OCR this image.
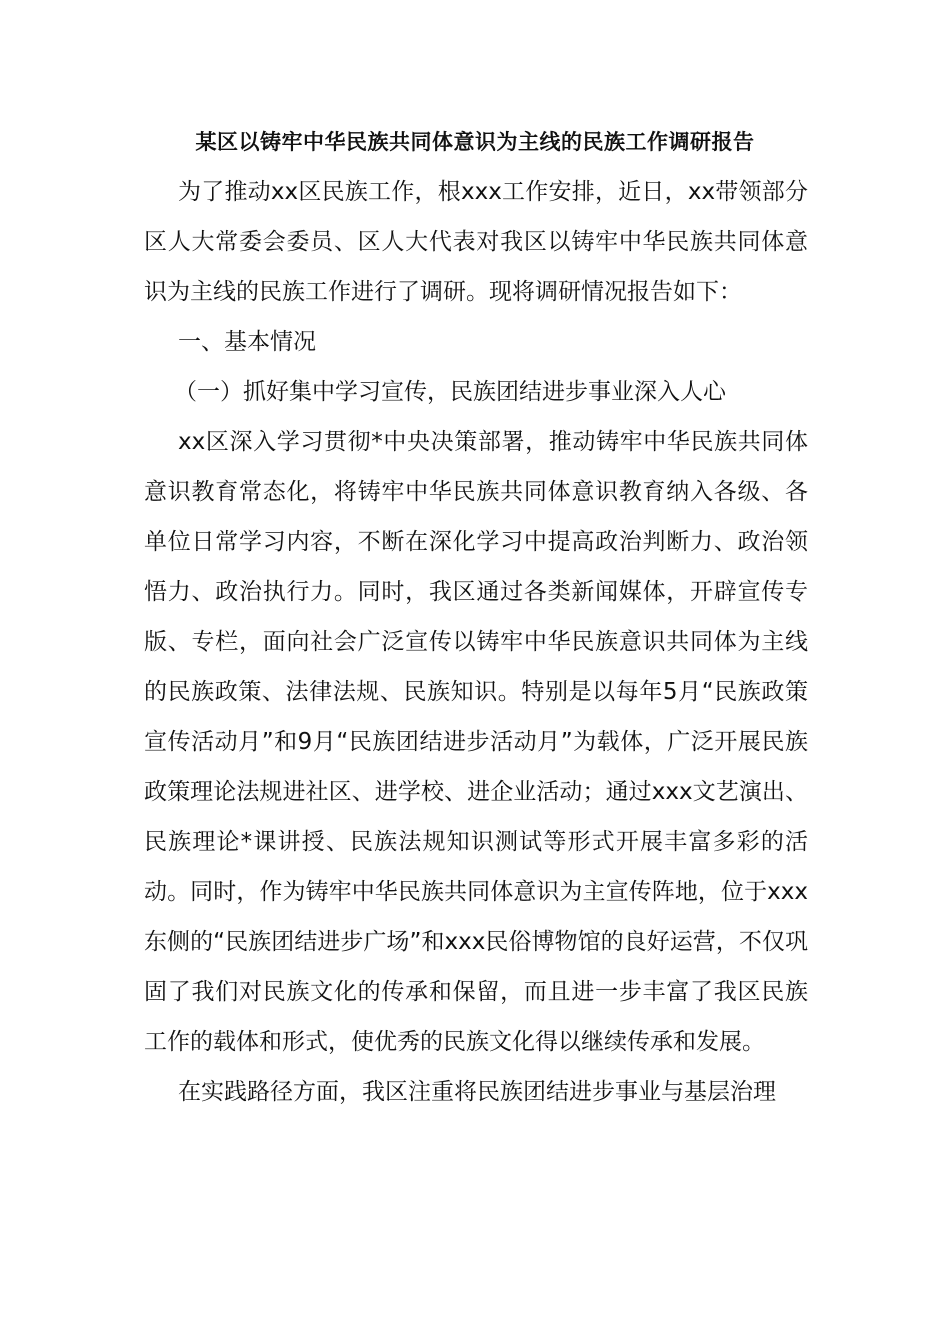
某区以铸牢中华民族共同体意识为主线的民族工作调研报告

为了推动xx区民族工作，根xxx工作安排，近日，xx带领部分区人大常委会委员、区人大代表对我区以铸牢中华民族共同体意识为主线的民族工作进行了调研。现将调研情况报告如下：

一、基本情况

（一）抓好集中学习宣传，民族团结进步事业深入人心

xx区深入学习贯彻*中央决策部署，推动铸牢中华民族共同体意识教育常态化，将铸牢中华民族共同体意识教育纳入各级、各单位日常学习内容，不断在深化学习中提高政治判断力、政治领悟力、政治执行力。同时，我区通过各类新闻媒体，开辟宣传专版、专栏，面向社会广泛宣传以铸牢中华民族意识共同体为主线的民族政策、法律法规、民族知识。特别是以每年5月“民族政策宣传活动月”和9月“民族团结进步活动月”为载体，广泛开展民族政策理论法规进社区、进学校、进企业活动；通过xxx文艺演出、民族理论*课讲授、民族法规知识测试等形式开展丰富多彩的活动。同时，作为铸牢中华民族共同体意识为主宣传阵地，位于xxx东侧的“民族团结进步广场”和xxx民俗博物馆的良好运营，不仅巩固了我们对民族文化的传承和保留，而且进一步丰富了我区民族工作的载体和形式，使优秀的民族文化得以继续传承和发展。

在实践路径方面，我区注重将民族团结进步事业与基层治理
